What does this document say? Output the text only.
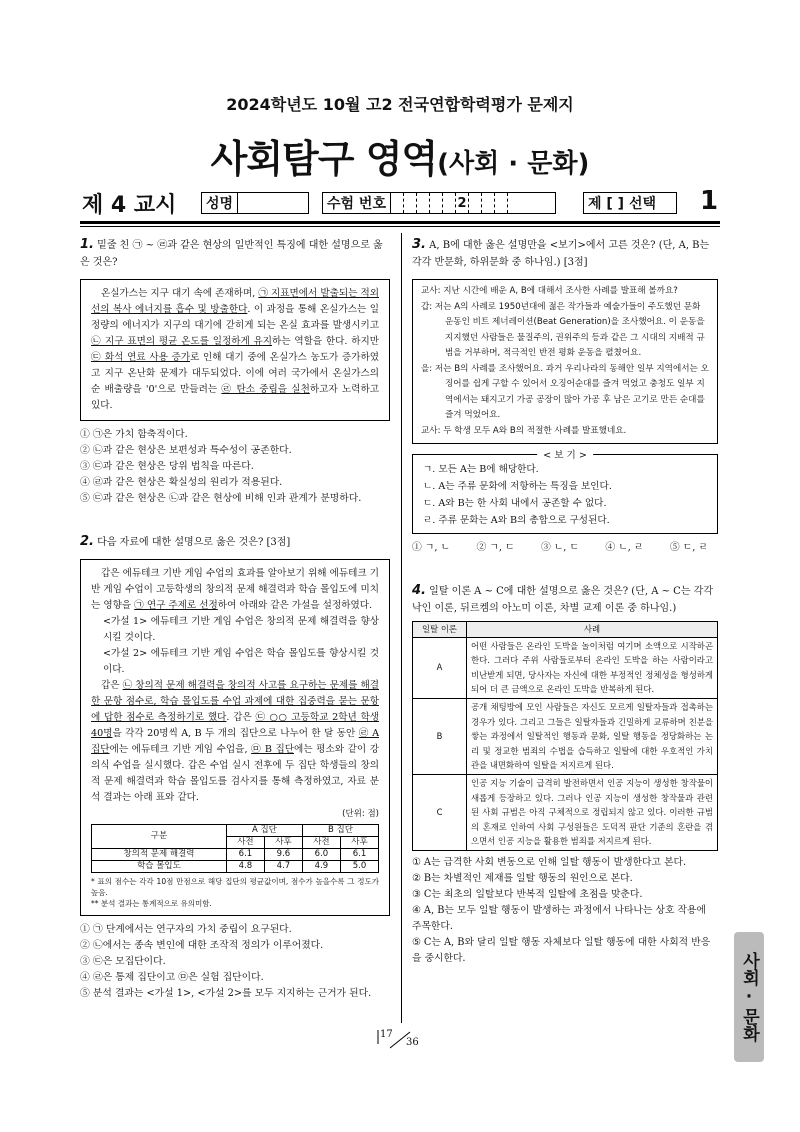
2024학년도 10월 고2 전국연합학력평가 문제지
사회탐구 영역(사회 · 문화)
제 4 교시 성명	수험 번호	2	제 [ ] 선택 1
1. 밑줄 친 ㉠ ~ ㉣과 같은 현상의 일반적인 특징에 대한 설명으로 옳은 것은?

온실가스는 지구 대기 속에 존재하며, ㉠ 지표면에서 발출되는 적외선의 복사 에너지를 흡수 및 방출한다. 이 과정을 통해 온실가스는 일정량의 에너지가 지구의 대기에 갇히게 되는 온실 효과를 발생시키고 ㉡ 지구 표면의 평균 온도를 일정하게 유지하는 역할을 한다. 하지만 ㉢ 화석 연료 사용 증가로 인해 대기 중에 온실가스 농도가 증가하였고 지구 온난화 문제가 대두되었다. 이에 여러 국가에서 온실가스의 순 배출량을 '0'으로 만들려는 ㉣ 탄소 중립을 실천하고자 노력하고 있다.

① ㉠은 가치 함축적이다.
② ㉡과 같은 현상은 보편성과 특수성이 공존한다.
③ ㉢과 같은 현상은 당위 법칙을 따른다.
④ ㉣과 같은 현상은 확실성의 원리가 적용된다.
⑤ ㉢과 같은 현상은 ㉡과 같은 현상에 비해 인과 관계가 분명하다.
2. 다음 자료에 대한 설명으로 옳은 것은? [3점]

갑은 에듀테크 기반 게임 수업의 효과를 알아보기 위해 에듀테크 기반 게임 수업이 고등학생의 창의적 문제 해결력과 학습 몰입도에 미치는 영향을 ㉠ 연구 주제로 선정하여 아래와 같은 가설을 설정하였다.

<가설 1> 에듀테크 기반 게임 수업은 창의적 문제 해결력을 향상시킬 것이다.
<가설 2> 에듀테크 기반 게임 수업은 학습 몰입도를 향상시킬 것이다.

갑은 ㉡ 창의적 문제 해결력을 창의적 사고를 요구하는 문제를 해결한 문항 점수로, 학습 몰입도를 수업 과제에 대한 집중력을 묻는 문항에 답한 점수로 측정하기로 했다. 갑은 ㉢ ○○ 고등학교 2학년 학생 40명을 각각 20명씩 A, B 두 개의 집단으로 나누어 한 달 동안 ㉣ A 집단에는 에듀테크 기반 게임 수업을, ㉤ B 집단에는 평소와 같이 강의식 수업을 실시했다. 갑은 수업 실시 전후에 두 집단 학생들의 창의적 문제 해결력과 학습 몰입도를 검사지를 통해 측정하였고, 자료 분석 결과는 아래 표와 같다.

(단위: 점)
구분	A 집단		B 집단	
	사전	사후	사전	사후
창의적 문제 해결력	6.1	9.6	6.0	6.1
학습 몰입도	4.8	4.7	4.9	5.0
* 표의 점수는 각각 10점 만점으로 해당 집단의 평균값이며, 점수가 높을수록 그 정도가 높음.
** 분석 결과는 통계적으로 유의미함.
① ㉠ 단계에서는 연구자의 가치 중립이 요구된다.
② ㉡에서는 종속 변인에 대한 조작적 정의가 이루어졌다.
③ ㉢은 모집단이다.
④ ㉣은 통제 집단이고 ㉤은 실험 집단이다.
⑤ 분석 결과는 <가설 1>, <가설 2>를 모두 지지하는 근거가 된다.
3. A, B에 대한 옳은 설명만을 <보기>에서 고른 것은? (단, A, B는 각각 반문화, 하위문화 중 하나임.) [3점]
교사: 지난 시간에 배운 A, B에 대해서 조사한 사례를 발표해 볼까요?
갑: 저는 A의 사례로 1950년대에 젊은 작가들과 예술가들이 주도했던 문화 운동인 비트 제너레이션(Beat Generation)을 조사했어요. 이 운동을 지지했던 사람들은 물질주의, 권위주의 등과 같은 그 시대의 지배적 규범을 거부하며, 적극적인 반전 평화 운동을 펼쳤어요.
을: 저는 B의 사례를 조사했어요. 과거 우리나라의 동해안 일부 지역에서는 오징어를 쉽게 구할 수 있어서 오징어순대를 즐겨 먹었고 충청도 일부 지역에서는 돼지고기 가공 공장이 많아 가공 후 남은 고기로 만든 순대를 즐겨 먹었어요.
교사: 두 학생 모두 A와 B의 적절한 사례를 발표했네요.
< 보 기 >
ㄱ. 모든 A는 B에 해당한다.
ㄴ. A는 주류 문화에 저항하는 특징을 보인다.
ㄷ. A와 B는 한 사회 내에서 공존할 수 없다.
ㄹ. 주류 문화는 A와 B의 총합으로 구성된다.
① ㄱ, ㄴ	② ㄱ, ㄷ	③ ㄴ, ㄷ	④ ㄴ, ㄹ	⑤ ㄷ, ㄹ
4. 일탈 이론 A ~ C에 대한 설명으로 옳은 것은? (단, A ~ C는 각각 낙인 이론, 뒤르켐의 아노미 이론, 차별 교제 이론 중 하나임.)
일탈 이론	사례
A	어떤 사람들은 온라인 도박을 놀이처럼 여기며 소액으로 시작하곤 한다. 그러다 주위 사람들로부터 온라인 도박을 하는 사람이라고 비난받게 되면, 당사자는 자신에 대한 부정적인 정체성을 형성하게 되어 더 큰 금액으로 온라인 도박을 반복하게 된다.
B	공개 채팅방에 모인 사람들은 자신도 모르게 일탈자들과 접촉하는 경우가 있다. 그리고 그들은 일탈자들과 긴밀하게 교류하며 친분을 쌓는 과정에서 일탈적인 행동과 문화, 일탈 행동을 정당화하는 논리 및 정교한 범죄의 수법을 습득하고 일탈에 대한 우호적인 가치관을 내면화하여 일탈을 저지르게 된다.
C	인공 지능 기술이 급격히 발전하면서 인공 지능이 생성한 창작물이 새롭게 등장하고 있다. 그러나 인공 지능이 생성한 창작물과 관련된 사회 규범은 아직 구체적으로 정립되지 않고 있다. 이러한 규범의 혼재로 인하여 사회 구성원들은 도덕적 판단 기준의 혼란을 겪으면서 인공 지능을 활용한 범죄를 저지르게 된다.
① A는 급격한 사회 변동으로 인해 일탈 행동이 발생한다고 본다.
② B는 차별적인 제재를 일탈 행동의 원인으로 본다.
③ C는 최초의 일탈보다 반복적 일탈에 초점을 맞춘다.
④ A, B는 모두 일탈 행동이 발생하는 과정에서 나타나는 상호 작용에 주목한다.
⑤ C는 A, B와 달리 일탈 행동 자체보다 일탈 행동에 대한 사회적 반응을 중시한다.
17
36
사회
·
문화
